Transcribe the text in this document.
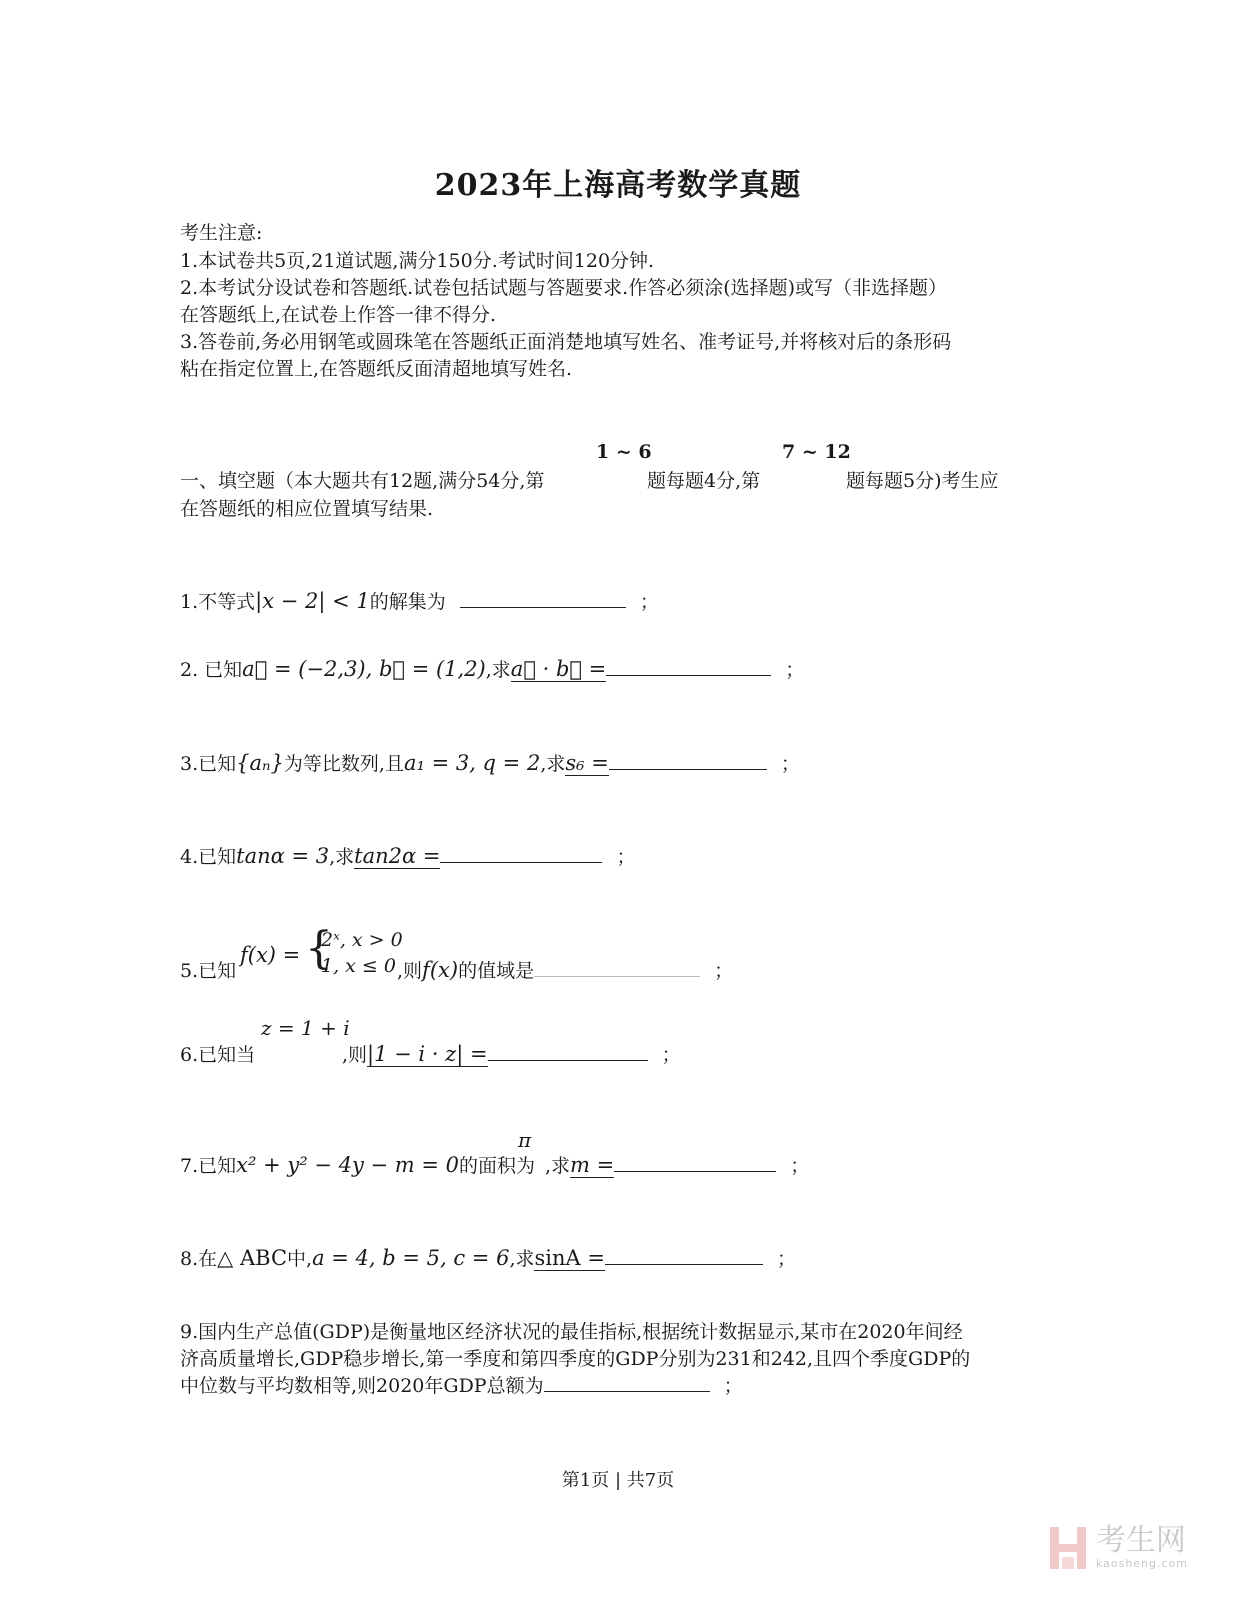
2023年上海高考数学真题
考生注意:
1.本试卷共5页,21道试题,满分150分.考试时间120分钟.
2.本考试分设试卷和答题纸.试卷包括试题与答题要求.作答必须涂(选择题)或写（非选择题）
在答题纸上,在试卷上作答一律不得分.
3.答卷前,务必用钢笔或圆珠笔在答题纸正面消楚地填写姓名、准考证号,并将核对后的条形码
粘在指定位置上,在答题纸反面清超地填写姓名.
1 ~ 6	7 ~ 12
一、填空题（本大题共有12题,满分54分,第	题每题4分,第	题每题5分)考生应
在答题纸的相应位置填写结果.
1.不等式|x − 2| < 1的解集为	；
2. 已知a⃗ = (−2,3), b⃗ = (1,2),求a⃗ · b⃗ =	；
3.已知{aₙ}为等比数列,且a₁ = 3, q = 2,求s₆ =	；
4.已知tanα = 3,求tan2α =	；
5.已知
f(x) = {
2ˣ, x > 0
1, x ≤ 0 ,则f(x)的值域是	；
z = 1 + i
6.已知当	,则|1 − i · z| =	；
π
7.已知x² + y² − 4y − m = 0的面积为 ,求m =	；
8.在△ ABC中,a = 4, b = 5, c = 6,求sinA =	；
9.国内生产总值(GDP)是衡量地区经济状况的最佳指标,根据统计数据显示,某市在2020年间经
济高质量增长,GDP稳步增长,第一季度和第四季度的GDP分别为231和242,且四个季度GDP的
中位数与平均数相等,则2020年GDP总额为	；
第1页 | 共7页
考生网
kaosheng.com
